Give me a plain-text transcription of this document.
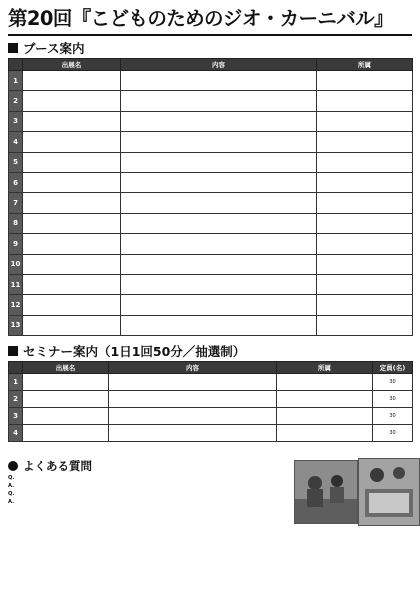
第20回『こどものためのジオ・カーニバル』
ブース案内
	出展名	内容	所属
1			
2			
3			
4			
5			
6			
7			
8			
9			
10			
11			
12			
13			
セミナー案内（1日1回50分／抽選制）
	出展名	内容	所属	定員(名)
1				30
2				30
3				30
4				30
よくある質問
Q.
A.
Q.
A.
